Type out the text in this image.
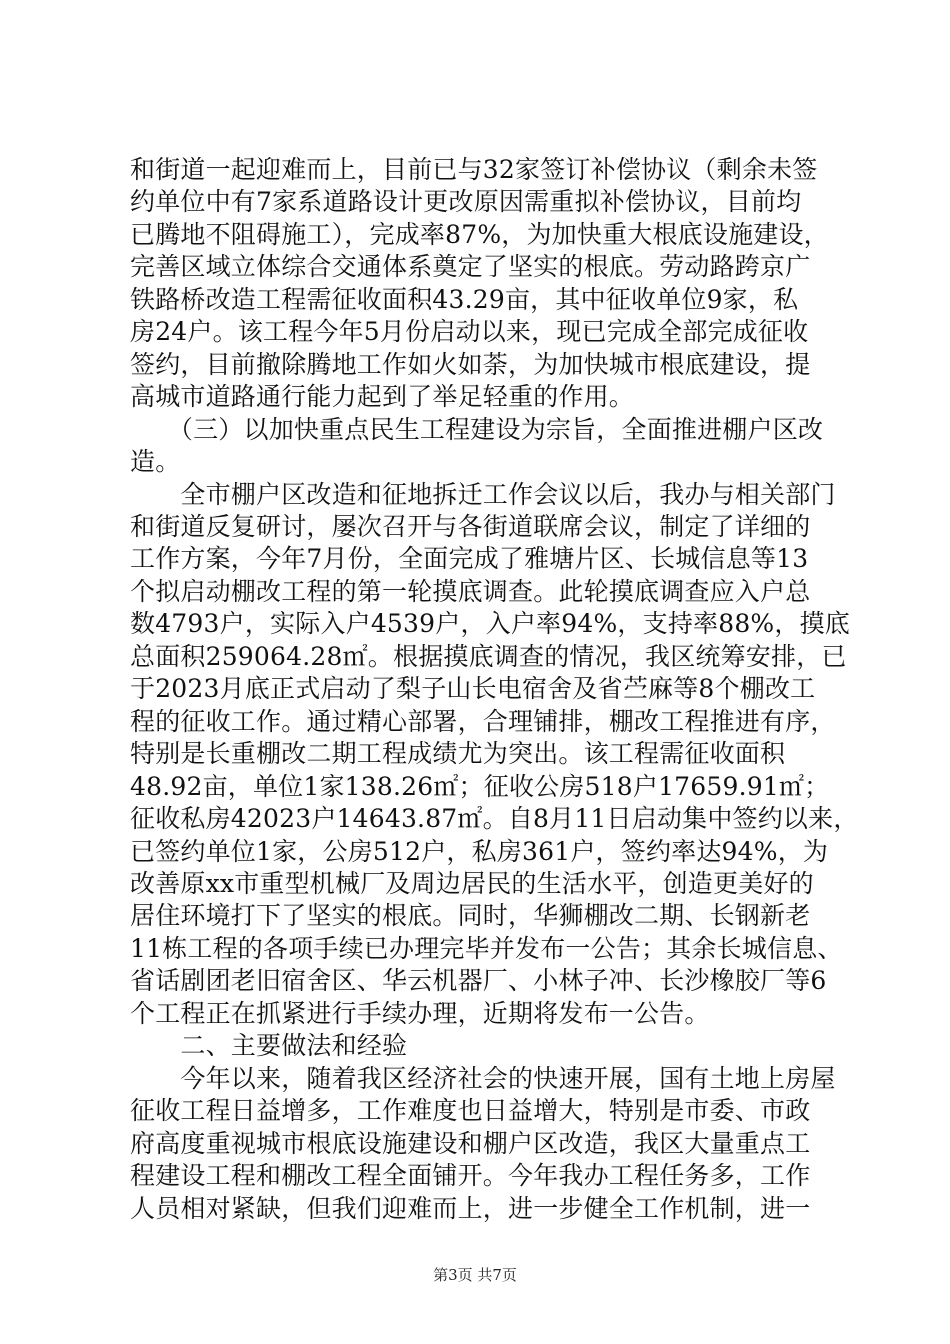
和街道一起迎难而上，目前已与32家签订补偿协议（剩余未签
约单位中有7家系道路设计更改原因需重拟补偿协议，目前均
已腾地不阻碍施工），完成率87%，为加快重大根底设施建设，
完善区域立体综合交通体系奠定了坚实的根底。劳动路跨京广
铁路桥改造工程需征收面积43.29亩，其中征收单位9家，私
房24户。该工程今年5月份启动以来，现已完成全部完成征收
签约，目前撤除腾地工作如火如荼，为加快城市根底建设，提
高城市道路通行能力起到了举足轻重的作用。
　　（三）以加快重点民生工程建设为宗旨，全面推进棚户区改
造。
　　全市棚户区改造和征地拆迁工作会议以后，我办与相关部门
和街道反复研讨，屡次召开与各街道联席会议，制定了详细的
工作方案，今年7月份，全面完成了雅塘片区、长城信息等13
个拟启动棚改工程的第一轮摸底调查。此轮摸底调查应入户总
数4793户，实际入户4539户，入户率94%，支持率88%，摸底
总面积259064.28㎡。根据摸底调查的情况，我区统筹安排，已
于2023月底正式启动了梨子山长电宿舍及省苎麻等8个棚改工
程的征收工作。通过精心部署，合理铺排，棚改工程推进有序，
特别是长重棚改二期工程成绩尤为突出。该工程需征收面积
48.92亩，单位1家138.26㎡；征收公房518户17659.91㎡；
征收私房42023户14643.87㎡。自8月11日启动集中签约以来，
已签约单位1家，公房512户，私房361户，签约率达94%，为
改善原xx市重型机械厂及周边居民的生活水平，创造更美好的
居住环境打下了坚实的根底。同时，华狮棚改二期、长钢新老
11栋工程的各项手续已办理完毕并发布一公告；其余长城信息、
省话剧团老旧宿舍区、华云机器厂、小林子冲、长沙橡胶厂等6
个工程正在抓紧进行手续办理，近期将发布一公告。
　　二、主要做法和经验
　　今年以来，随着我区经济社会的快速开展，国有土地上房屋
征收工程日益增多，工作难度也日益增大，特别是市委、市政
府高度重视城市根底设施建设和棚户区改造，我区大量重点工
程建设工程和棚改工程全面铺开。今年我办工程任务多，工作
人员相对紧缺，但我们迎难而上，进一步健全工作机制，进一
第3页 共7页
